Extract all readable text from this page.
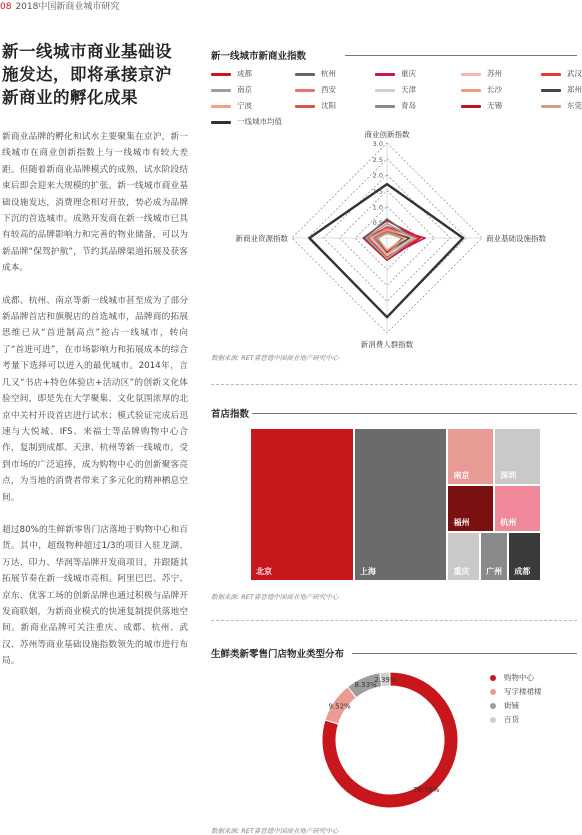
08 2018中国新商业城市研究
新一线城市商业基础设施发达，即将承接京沪新商业的孵化成果
新商业品牌的孵化和试水主要聚集在京沪，新一线城市在商业创新指数上与一线城市有较大差距。但随着新商业品牌模式的成熟，试水阶段结束后即会迎来大规模的扩张。新一线城市商业基础设施发达，消费理念相对开放，势必成为品牌下沉的首选城市。成熟开发商在新一线城市已具有较高的品牌影响力和完善的物业储备，可以为新品牌“保驾护航”，节约其品牌渠道拓展及获客成本。
成都、杭州、南京等新一线城市甚至成为了部分新品牌首店和旗舰店的首选城市，品牌商的拓展思维已从“首进制高点”抢占一线城市，转向了“首进可进”，在市场影响力和拓展成本的综合考量下选择可以进入的最优城市。2014年，言几又“书店+特色体验店+活动区”的创新文化体验空间，即是先在大学聚集、文化氛围浓厚的北京中关村开设首店进行试水；模式验证完成后迅速与大悦城、IFS、来福士等品牌购物中心合作，复制到成都、天津、杭州等新一线城市，受到市场的广泛追捧，成为购物中心的创新聚客亮点，为当地的消费者带来了多元化的精神栖息空间。
超过80%的生鲜新零售门店落地于购物中心和百货。其中，超级物种超过1/3的项目入驻龙湖、万达、印力、华润等品牌开发商项目，并跟随其拓展节奏在新一线城市亮相。阿里巴巴、苏宁、京东、优客工场的创新品牌也通过积极与品牌开发商联姻，为新商业模式的快速复制提供落地空间。新商业品牌可关注重庆、成都、杭州、武汉、苏州等商业基础设施指数领先的城市进行布局。
新一线城市新商业指数
成都	杭州	重庆	苏州	武汉
南京	西安	天津	长沙	郑州
宁波	沈阳	青岛	无锡	东莞
一线城市均值
3.0
2.5
2.0
1.5
1.0
0.5
商业创新指数
商业基础设施指数
新消费人群指数
新商业资源指数
数据来源: RET睿意德中国商业地产研究中心
首店指数
北京	上海
南京	深圳
福州	杭州
重庆 广州 成都
数据来源: RET睿意德中国商业地产研究中心
生鲜类新零售门店物业类型分布
79.76%
9.52%
8.33%
2.39%	购物中心
写字楼裙楼
街铺
百货
数据来源: RET睿意德中国商业地产研究中心
